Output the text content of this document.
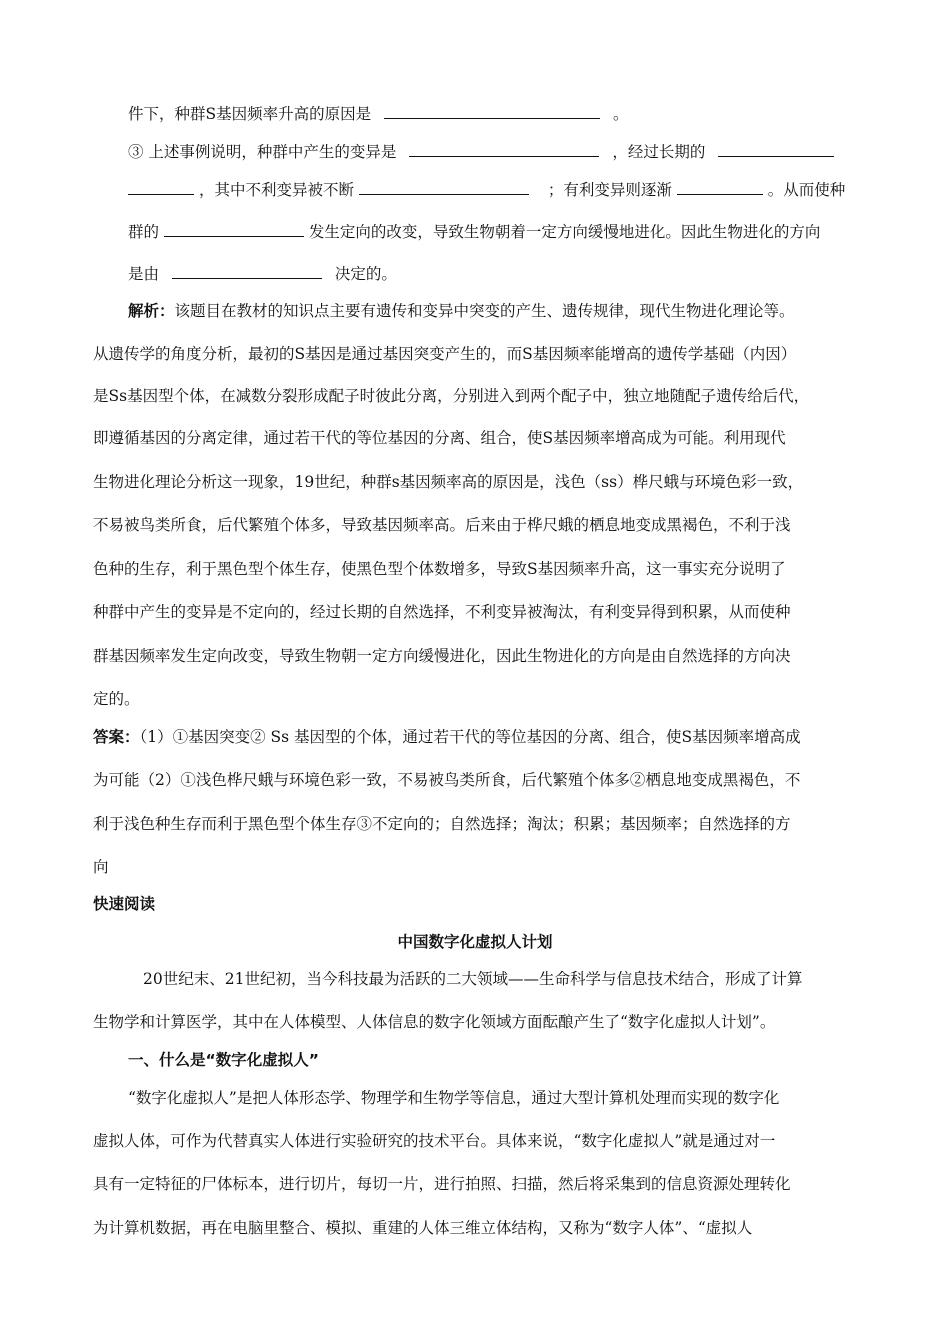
件下，种群S基因频率升高的原因是	。
③ 上述事例说明，种群中产生的变异是	，经过长期的
，其中不利变异被不断	；有利变异则逐渐	。从而使种
群的	发生定向的改变，导致生物朝着一定方向缓慢地进化。因此生物进化的方向
是由	决定的。
解析：该题目在教材的知识点主要有遗传和变异中突变的产生、遗传规律，现代生物进化理论等。
从遗传学的角度分析，最初的S基因是通过基因突变产生的，而S基因频率能增高的遗传学基础（内因）
是Ss基因型个体，在减数分裂形成配子时彼此分离，分别进入到两个配子中，独立地随配子遗传给后代，
即遵循基因的分离定律，通过若干代的等位基因的分离、组合，使S基因频率增高成为可能。利用现代
生物进化理论分析这一现象，19世纪，种群s基因频率高的原因是，浅色（ss）桦尺蛾与环境色彩一致，
不易被鸟类所食，后代繁殖个体多，导致基因频率高。后来由于桦尺蛾的栖息地变成黑褐色，不利于浅
色种的生存，利于黑色型个体生存，使黑色型个体数增多，导致S基因频率升高，这一事实充分说明了
种群中产生的变异是不定向的，经过长期的自然选择，不利变异被淘汰，有利变异得到积累，从而使种
群基因频率发生定向改变，导致生物朝一定方向缓慢进化，因此生物进化的方向是由自然选择的方向决
定的。
答案：（1）①基因突变② Ss 基因型的个体，通过若干代的等位基因的分离、组合，使S基因频率增高成
为可能（2）①浅色桦尺蛾与环境色彩一致，不易被鸟类所食，后代繁殖个体多②栖息地变成黑褐色，不
利于浅色种生存而利于黑色型个体生存③不定向的；自然选择；淘汰；积累；基因频率；自然选择的方
向
快速阅读
中国数字化虚拟人计划
20世纪末、21世纪初，当今科技最为活跃的二大领域——生命科学与信息技术结合，形成了计算
生物学和计算医学，其中在人体模型、人体信息的数字化领域方面酝酿产生了“数字化虚拟人计划”。
一、什么是“数字化虚拟人”
“数字化虚拟人”是把人体形态学、物理学和生物学等信息，通过大型计算机处理而实现的数字化
虚拟人体，可作为代替真实人体进行实验研究的技术平台。具体来说，“数字化虚拟人”就是通过对一
具有一定特征的尸体标本，进行切片，每切一片，进行拍照、扫描，然后将采集到的信息资源处理转化
为计算机数据，再在电脑里整合、模拟、重建的人体三维立体结构，又称为“数字人体”、“虚拟人
